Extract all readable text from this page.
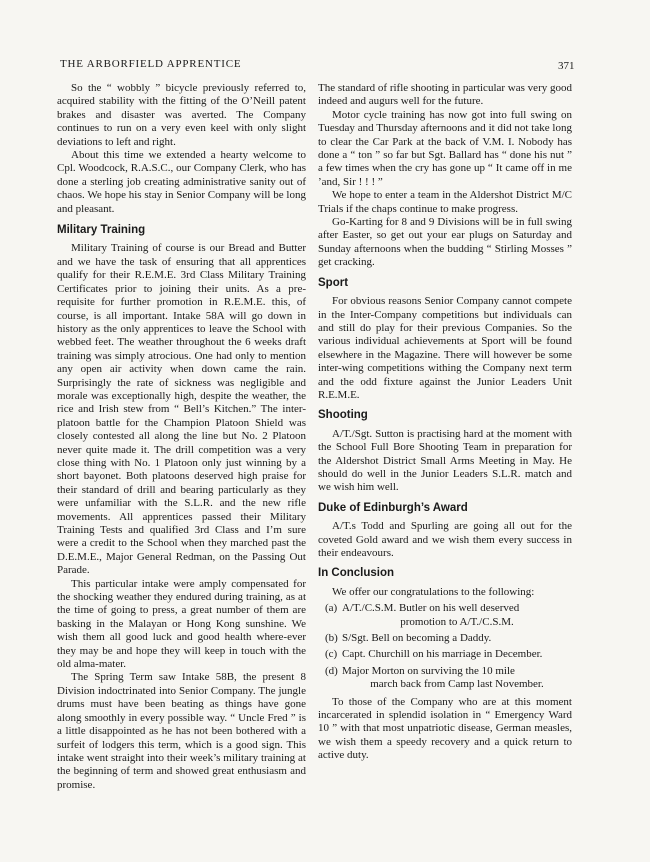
THE ARBORFIELD APPRENTICE	371

So the “ wobbly ” bicycle previously referred to, acquired stability with the fitting of the O’Neill patent brakes and disaster was averted. The Company continues to run on a very even keel with only slight deviations to left and right.

About this time we extended a hearty welcome to Cpl. Woodcock, R.A.S.C., our Company Clerk, who has done a sterling job creating administrative sanity out of chaos. We hope his stay in Senior Company will be long and pleasant.

Military Training

Military Training of course is our Bread and Butter and we have the task of ensuring that all apprentices qualify for their R.E.M.E. 3rd Class Military Training Certificates prior to joining their units. As a pre-requisite for further promotion in R.E.M.E. this, of course, is all important. Intake 58A will go down in history as the only apprentices to leave the School with webbed feet. The weather throughout the 6 weeks draft training was simply atrocious. One had only to mention any open air activity when down came the rain. Surprisingly the rate of sickness was negligible and morale was exceptionally high, despite the weather, the rice and Irish stew from “ Bell’s Kitchen.” The inter-platoon battle for the Champion Platoon Shield was closely contested all along the line but No. 2 Platoon never quite made it. The drill competition was a very close thing with No. 1 Platoon only just winning by a short bayonet. Both platoons deserved high praise for their standard of drill and bearing particularly as they were unfamiliar with the S.L.R. and the new rifle movements. All apprentices passed their Military Training Tests and qualified 3rd Class and I’m sure were a credit to the School when they marched past the D.E.M.E., Major General Redman, on the Passing Out Parade.

This particular intake were amply compensated for the shocking weather they endured during training, as at the time of going to press, a great number of them are basking in the Malayan or Hong Kong sunshine. We wish them all good luck and good health where-ever they may be and hope they will keep in touch with the old alma-mater.

The Spring Term saw Intake 58B, the present 8 Division indoctrinated into Senior Company. The jungle drums must have been beating as things have gone along smoothly in every possible way. “ Uncle Fred ” is a little disappointed as he has not been bothered with a surfeit of lodgers this term, which is a good sign. This intake went straight into their week’s military training at the beginning of term and showed great enthusiasm and promise.

The standard of rifle shooting in particular was very good indeed and augurs well for the future.

Motor cycle training has now got into full swing on Tuesday and Thursday afternoons and it did not take long to clear the Car Park at the back of V.M. I. Nobody has done a “ ton ” so far but Sgt. Ballard has “ done his nut ” a few times when the cry has gone up “ It came off in me ’and, Sir ! ! ! ”

We hope to enter a team in the Aldershot District M/C Trials if the chaps continue to make progress.

Go-Karting for 8 and 9 Divisions will be in full swing after Easter, so get out your ear plugs on Saturday and Sunday afternoons when the budding “ Stirling Mosses ” get cracking.

Sport

For obvious reasons Senior Company cannot compete in the Inter-Company competitions but individuals can and still do play for their previous Companies. So the various individual achievements at Sport will be found elsewhere in the Magazine. There will however be some inter-wing competitions withing the Company next term and the odd fixture against the Junior Leaders Unit R.E.M.E.

Shooting

A/T./Sgt. Sutton is practising hard at the moment with the School Full Bore Shooting Team in preparation for the Aldershot District Small Arms Meeting in May. He should do well in the Junior Leaders S.L.R. match and we wish him well.

Duke of Edinburgh’s Award

A/T.s Todd and Spurling are going all out for the coveted Gold award and we wish them every success in their endeavours.

In Conclusion

We offer our congratulations to the following:

(a) A/T./C.S.M. Butler on his well deserved
promotion to A/T./C.S.M.
(b) S/Sgt. Bell on becoming a Daddy.
(c) Capt. Churchill on his marriage in December.
(d) Major Morton on surviving the 10 mile
march back from Camp last November.

To those of the Company who are at this moment incarcerated in splendid isolation in “ Emergency Ward 10 ” with that most unpatriotic disease, German measles, we wish them a speedy recovery and a quick return to active duty.
